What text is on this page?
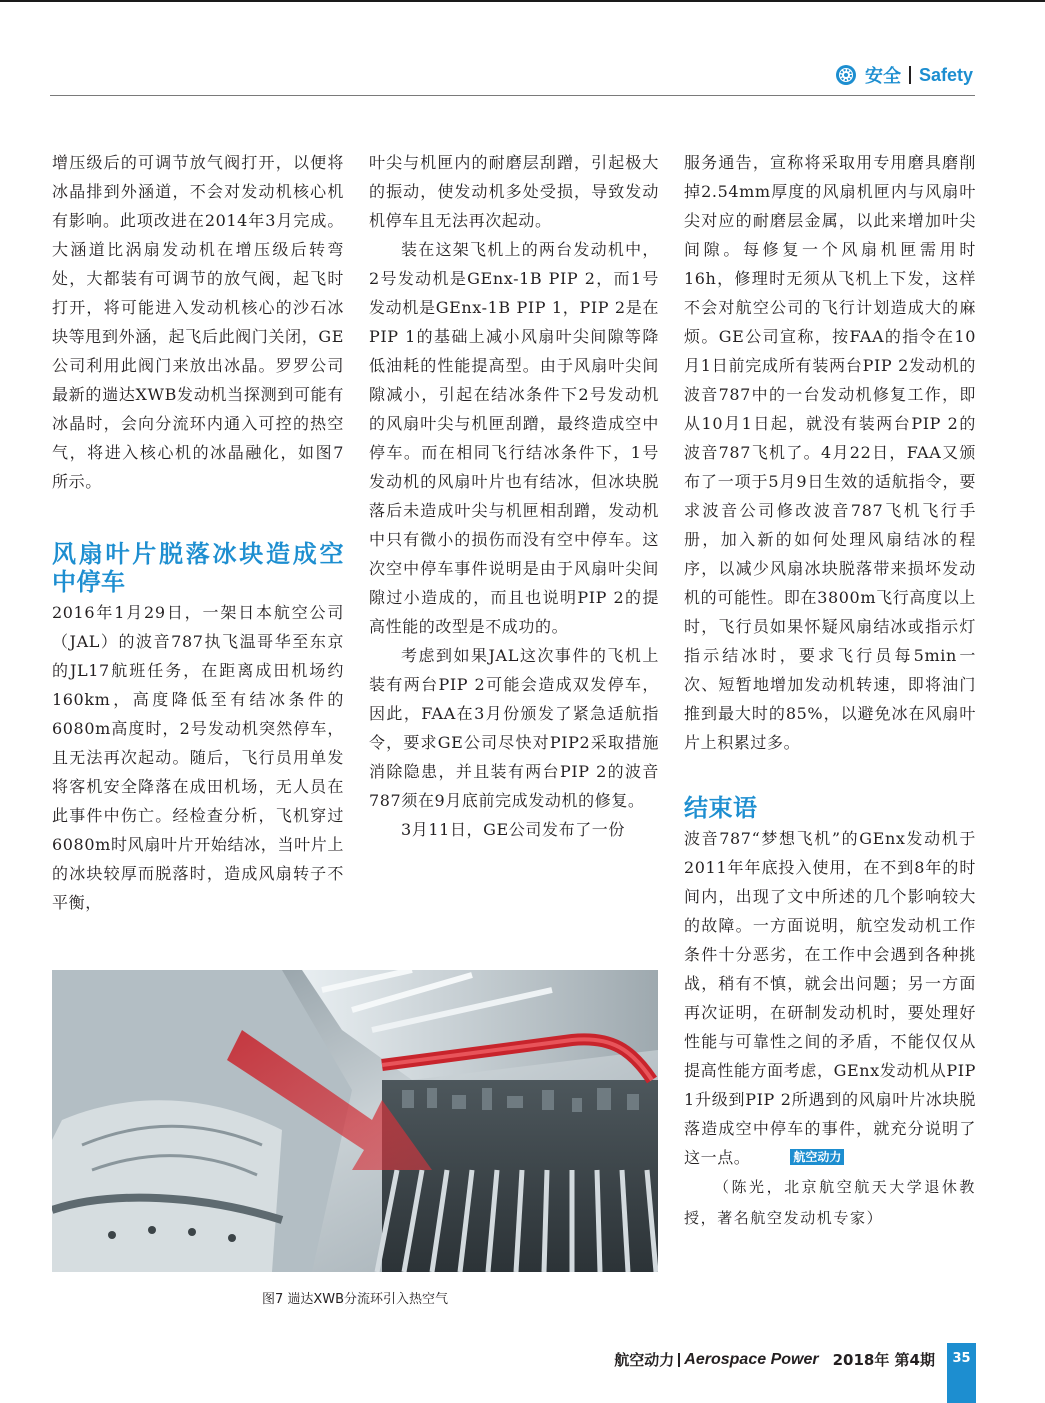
安全 Safety

增压级后的可调节放气阀打开，以便将冰晶排到外涵道，不会对发动机核心机有影响。此项改进在2014年3月完成。大涵道比涡扇发动机在增压级后转弯处，大都装有可调节的放气阀，起飞时打开，将可能进入发动机核心的沙石冰块等甩到外涵，起飞后此阀门关闭，GE公司利用此阀门来放出冰晶。罗罗公司最新的遄达XWB发动机当探测到可能有冰晶时，会向分流环内通入可控的热空气，将进入核心机的冰晶融化，如图7所示。

风扇叶片脱落冰块造成空中停车

2016年1月29日，一架日本航空公司（JAL）的波音787执飞温哥华至东京的JL17航班任务，在距离成田机场约160km，高度降低至有结冰条件的6080m高度时，2号发动机突然停车，且无法再次起动。随后，飞行员用单发将客机安全降落在成田机场，无人员在此事件中伤亡。经检查分析，飞机穿过6080m时风扇叶片开始结冰，当叶片上的冰块较厚而脱落时，造成风扇转子不平衡，

叶尖与机匣内的耐磨层刮蹭，引起极大的振动，使发动机多处受损，导致发动机停车且无法再次起动。

装在这架飞机上的两台发动机中，2号发动机是GEnx-1B PIP 2，而1号发动机是GEnx-1B PIP 1，PIP 2是在PIP 1的基础上减小风扇叶尖间隙等降低油耗的性能提高型。由于风扇叶尖间隙减小，引起在结冰条件下2号发动机的风扇叶尖与机匣刮蹭，最终造成空中停车。而在相同飞行结冰条件下，1号发动机的风扇叶片也有结冰，但冰块脱落后未造成叶尖与机匣相刮蹭，发动机中只有微小的损伤而没有空中停车。这次空中停车事件说明是由于风扇叶尖间隙过小造成的，而且也说明PIP 2的提高性能的改型是不成功的。

考虑到如果JAL这次事件的飞机上装有两台PIP 2可能会造成双发停车，因此，FAA在3月份颁发了紧急适航指令，要求GE公司尽快对PIP2采取措施消除隐患，并且装有两台PIP 2的波音787须在9月底前完成发动机的修复。

3月11日，GE公司发布了一份

服务通告，宣称将采取用专用磨具磨削掉2.54mm厚度的风扇机匣内与风扇叶尖对应的耐磨层金属，以此来增加叶尖间隙。每修复一个风扇机匣需用时16h，修理时无须从飞机上下发，这样不会对航空公司的飞行计划造成大的麻烦。GE公司宣称，按FAA的指令在10月1日前完成所有装两台PIP 2发动机的波音787中的一台发动机修复工作，即从10月1日起，就没有装两台PIP 2的波音787飞机了。4月22日，FAA又颁布了一项于5月9日生效的适航指令，要求波音公司修改波音787飞机飞行手册，加入新的如何处理风扇结冰的程序，以减少风扇冰块脱落带来损坏发动机的可能性。即在3800m飞行高度以上时，飞行员如果怀疑风扇结冰或指示灯指示结冰时，要求飞行员每5min一次、短暂地增加发动机转速，即将油门推到最大时的85%，以避免冰在风扇叶片上积累过多。

结束语

波音787“梦想飞机”的GEnx发动机于2011年年底投入使用，在不到8年的时间内，出现了文中所述的几个影响较大的故障。一方面说明，航空发动机工作条件十分恶劣，在工作中会遇到各种挑战，稍有不慎，就会出问题；另一方面再次证明，在研制发动机时，要处理好性能与可靠性之间的矛盾，不能仅仅从提高性能方面考虑，GEnx发动机从PIP 1升级到PIP 2所遇到的风扇叶片冰块脱落造成空中停车的事件，就充分说明了这一点。	航空动力

（陈光，北京航空航天大学退休教授，著名航空发动机专家）

图7 遄达XWB分流环引入热空气
航空动力 Aerospace Power 2018年 第4期	35
